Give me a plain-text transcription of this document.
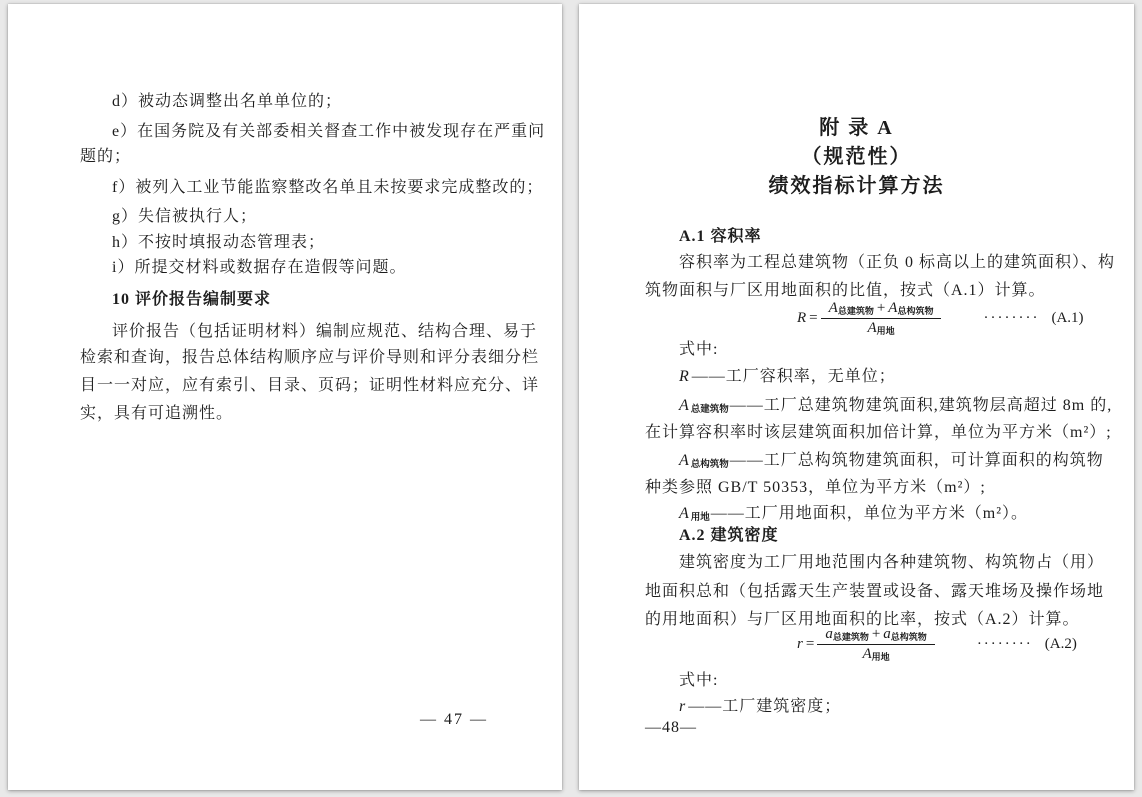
d）被动态调整出名单单位的；
e）在国务院及有关部委相关督查工作中被发现存在严重问
题的；
f）被列入工业节能监察整改名单且未按要求完成整改的；
g）失信被执行人；
h）不按时填报动态管理表；
i）所提交材料或数据存在造假等问题。
10 评价报告编制要求
评价报告（包括证明材料）编制应规范、结构合理、易于
检索和查询，报告总体结构顺序应与评价导则和评分表细分栏
目一一对应，应有索引、目录、页码；证明性材料应充分、详
实，具有可追溯性。
— 47 —
附 录 A
（规范性）
绩效指标计算方法
A.1 容积率
容积率为工程总建筑物（正负 0 标高以上的建筑面积）、构
筑物面积与厂区用地面积的比值，按式（A.1）计算。
$R = \frac{\text{A总建筑物 + A总构筑物}}{\text{A用地}}$	········ (A.1)
式中:
R ——工厂容积率，无单位；
A总建筑物——工厂总建筑物建筑面积,建筑物层高超过 8m 的,
在计算容积率时该层建筑面积加倍计算，单位为平方米（m²）;
A总构筑物——工厂总构筑物建筑面积，可计算面积的构筑物
种类参照 GB/T 50353，单位为平方米（m²）;
A用地——工厂用地面积，单位为平方米（m²）。
A.2 建筑密度
建筑密度为工厂用地范围内各种建筑物、构筑物占（用）
地面积总和（包括露天生产装置或设备、露天堆场及操作场地
的用地面积）与厂区用地面积的比率，按式（A.2）计算。
$r = \frac{\text{a总建筑物 + a总构筑物}}{\text{A用地}}$	········ (A.2)
式中:
r ——工厂建筑密度；
—48—
